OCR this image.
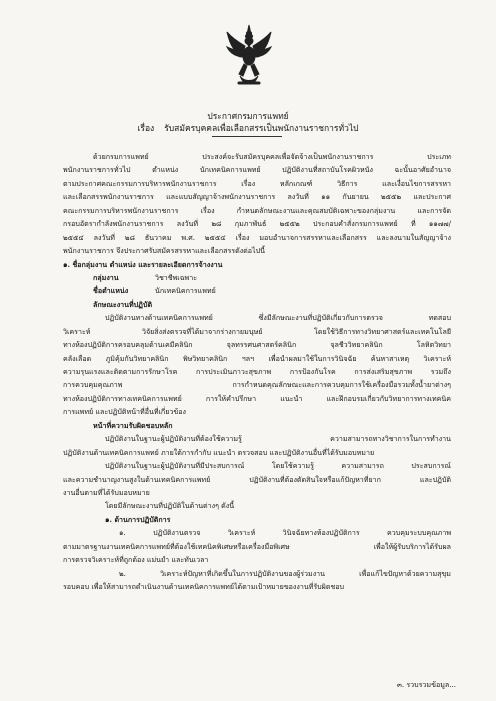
ประกาศกรมการแพทย์
เรื่อง รับสมัครบุคคลเพื่อเลือกสรรเป็นพนักงานราชการทั่วไป
ด้วยกรมการแพทย์ ประสงค์จะรับสมัครบุคคลเพื่อจัดจ้างเป็นพนักงานราชการ ประเภท
พนักงานราชการทั่วไป ตำแหน่ง นักเทคนิคการแพทย์ ปฏิบัติงานที่สถาบันโรคผิวหนัง ฉะนั้นอาศัยอำนาจ
ตามประกาศคณะกรรมการบริหารพนักงานราชการ เรื่อง หลักเกณฑ์ วิธีการ และเงื่อนไขการสรรหา
และเลือกสรรพนักงานราชการ และแบบสัญญาจ้างพนักงานราชการ ลงวันที่ ๑๑ กันยายน ๒๕๕๒ และประกาศ
คณะกรรมการบริหารพนักงานราชการ เรื่อง กำหนดลักษณะงานและคุณสมบัติเฉพาะของกลุ่มงาน และการจัด
กรอบอัตรากำลังพนักงานราชการ ลงวันที่ ๒๘ กุมภาพันธ์ ๒๕๕๒ ประกอบคำสั่งกรมการแพทย์ ที่ ๑๑๗๗/
๒๕๕๔ ลงวันที่ ๒๘ ธันวาคม พ.ศ. ๒๕๕๔ เรื่อง มอบอำนาจการสรรหาและเลือกสรร และลงนามในสัญญาจ้าง
พนักงานราชการ จึงประกาศรับสมัครสรรหาและเลือกสรรดังต่อไปนี้
๑. ชื่อกลุ่มงาน ตำแหน่ง และรายละเอียดการจ้างงาน
กลุ่มงาน	วิชาชีพเฉพาะ
ชื่อตำแหน่ง	นักเทคนิคการแพทย์
ลักษณะงานที่ปฏิบัติ
ปฏิบัติงานทางด้านเทคนิคการแพทย์ ซึ่งมีลักษณะงานที่ปฏิบัติเกี่ยวกับการตรวจ ทดสอบ
วิเคราะห์ วิจัยสิ่งส่งตรวจที่ได้มาจากร่างกายมนุษย์ โดยใช้วิธีการทางวิทยาศาสตร์และเทคโนโลยี
ทางห้องปฏิบัติการครอบคลุมด้านเคมีคลินิก จุลทรรศนศาสตร์คลินิก จุลชีววิทยาคลินิก โลหิตวิทยา
คลังเลือด ภูมิคุ้มกันวิทยาคลินิก พิษวิทยาคลินิก ฯลฯ เพื่อนำผลมาใช้ในการวินิจฉัย ค้นหาสาเหตุ วิเคราะห์
ความรุนแรงและติดตามการรักษาโรค การประเมินภาวะสุขภาพ การป้องกันโรค การส่งเสริมสุขภาพ รวมถึง
การควบคุมคุณภาพ การกำหนดคุณลักษณะและการควบคุมการใช้เครื่องมือรวมทั้งน้ำยาต่างๆ
ทางห้องปฏิบัติการทางเทคนิคการแพทย์ การให้คำปรึกษา แนะนำ และฝึกอบรมเกี่ยวกับวิทยาการทางเทคนิค
การแพทย์ และปฏิบัติหน้าที่อื่นที่เกี่ยวข้อง
หน้าที่ความรับผิดชอบหลัก
ปฏิบัติงานในฐานะผู้ปฏิบัติงานที่ต้องใช้ความรู้ ความสามารถทางวิชาการในการทำงาน
ปฏิบัติงานด้านเทคนิคการแพทย์ ภายใต้การกำกับ แนะนำ ตรวจสอบ และปฏิบัติงานอื่นที่ได้รับมอบหมาย
ปฏิบัติงานในฐานะผู้ปฏิบัติงานที่มีประสบการณ์ โดยใช้ความรู้ ความสามารถ ประสบการณ์
และความชำนาญงานสูงในด้านเทคนิคการแพทย์ ปฏิบัติงานที่ต้องตัดสินใจหรือแก้ปัญหาที่ยาก และปฏิบัติ
งานอื่นตามที่ได้รับมอบหมาย
โดยมีลักษณะงานที่ปฏิบัติในด้านต่างๆ ดังนี้
๑. ด้านการปฏิบัติการ
๑. ปฏิบัติงานตรวจ วิเคราะห์ วินิจฉัยทางห้องปฏิบัติการ ควบคุมระบบคุณภาพ
ตามมาตรฐานงานเทคนิคการแพทย์ที่ต้องใช้เทคนิคพิเศษหรือเครื่องมือพิเศษ เพื่อให้ผู้รับบริการได้รับผล
การตรวจวิเคราะห์ที่ถูกต้อง แม่นยำ และทันเวลา
๒. วิเคราะห์ปัญหาที่เกิดขึ้นในการปฏิบัติงานของผู้ร่วมงาน เพื่อแก้ไขปัญหาด้วยความสุขุม
รอบคอบ เพื่อให้สามารถดำเนินงานด้านเทคนิคการแพทย์ได้ตามเป้าหมายของงานที่รับผิดชอบ
๓. รวบรวมข้อมูล...
